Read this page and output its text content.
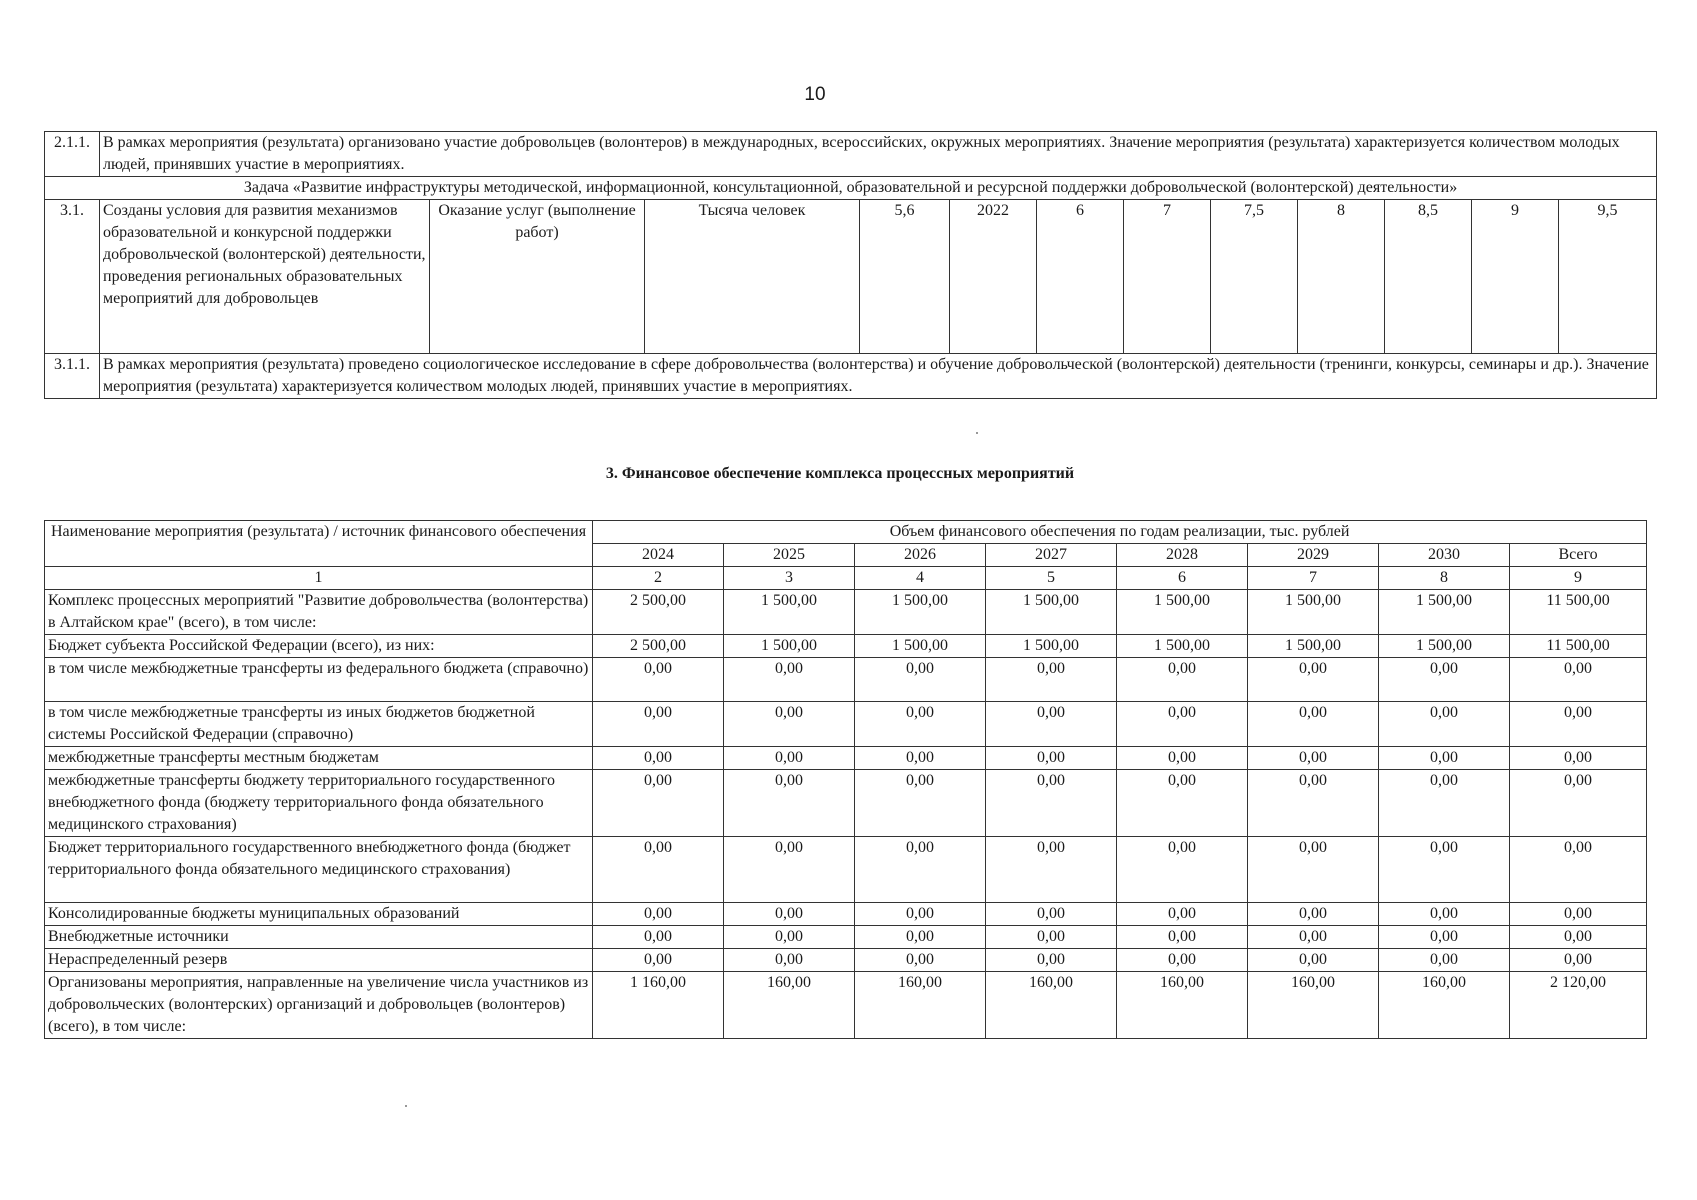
10
2.1.1.	В рамках мероприятия (результата) организовано участие добровольцев (волонтеров) в международных, всероссийских, окружных мероприятиях. Значение мероприятия (результата) характеризуется количеством молодых людей, принявших участие в мероприятиях.											
Задача «Развитие инфраструктуры методической, информационной, консультационной, образовательной и ресурсной поддержки добровольческой (волонтерской) деятельности»												
3.1.	Созданы условия для развития механизмов образовательной и конкурсной поддержки добровольческой (волонтерской) деятельности, проведения региональных образовательных мероприятий для добровольцев	Оказание услуг (выполнение работ)	Тысяча человек	5,6	2022	6	7	7,5	8	8,5	9	9,5
3.1.1.	В рамках мероприятия (результата) проведено социологическое исследование в сфере добровольчества (волонтерства) и обучение добровольческой (волонтерской) деятельности (тренинги, конкурсы, семинары и др.). Значение мероприятия (результата) характеризуется количеством молодых людей, принявших участие в мероприятиях.											
3. Финансовое обеспечение комплекса процессных мероприятий
Наименование мероприятия (результата) / источник финансового обеспечения	Объем финансового обеспечения по годам реализации, тыс. рублей							
	2024	2025	2026	2027	2028	2029	2030	Всего
1	2	3	4	5	6	7	8	9
Комплекс процессных мероприятий "Развитие добровольчества (волонтерства) в Алтайском крае" (всего), в том числе:	2 500,00	1 500,00	1 500,00	1 500,00	1 500,00	1 500,00	1 500,00	11 500,00
Бюджет субъекта Российской Федерации (всего), из них:	2 500,00	1 500,00	1 500,00	1 500,00	1 500,00	1 500,00	1 500,00	11 500,00
в том числе межбюджетные трансферты из федерального бюджета (справочно)	0,00	0,00	0,00	0,00	0,00	0,00	0,00	0,00
в том числе межбюджетные трансферты из иных бюджетов бюджетной системы Российской Федерации (справочно)	0,00	0,00	0,00	0,00	0,00	0,00	0,00	0,00
межбюджетные трансферты местным бюджетам	0,00	0,00	0,00	0,00	0,00	0,00	0,00	0,00
межбюджетные трансферты бюджету территориального государственного внебюджетного фонда (бюджету территориального фонда обязательного медицинского страхования)	0,00	0,00	0,00	0,00	0,00	0,00	0,00	0,00
Бюджет территориального государственного внебюджетного фонда (бюджет территориального фонда обязательного медицинского страхования)	0,00	0,00	0,00	0,00	0,00	0,00	0,00	0,00
Консолидированные бюджеты муниципальных образований	0,00	0,00	0,00	0,00	0,00	0,00	0,00	0,00
Внебюджетные источники	0,00	0,00	0,00	0,00	0,00	0,00	0,00	0,00
Нераспределенный резерв	0,00	0,00	0,00	0,00	0,00	0,00	0,00	0,00
Организованы мероприятия, направленные на увеличение числа участников из добровольческих (волонтерских) организаций и добровольцев (волонтеров) (всего), в том числе:	1 160,00	160,00	160,00	160,00	160,00	160,00	160,00	2 120,00
